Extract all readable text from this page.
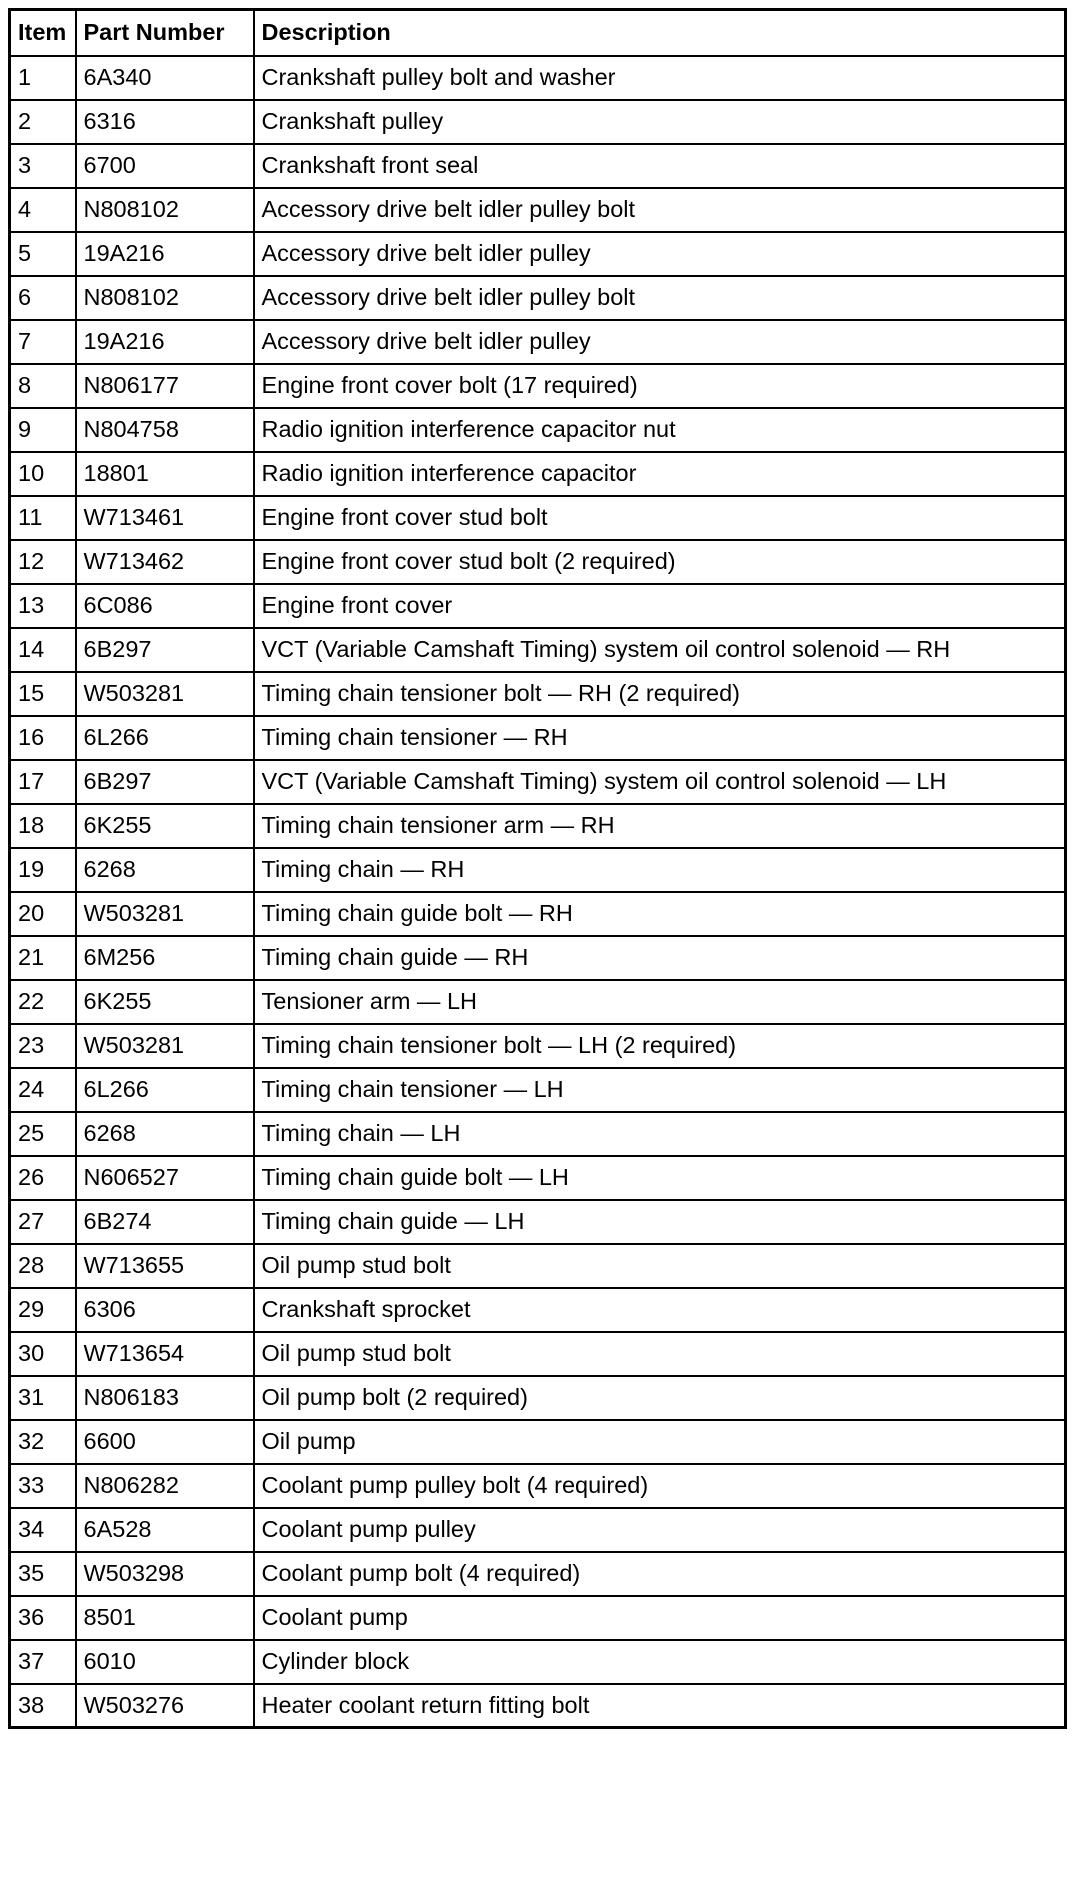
Item	Part Number	Description
1	6A340	Crankshaft pulley bolt and washer
2	6316	Crankshaft pulley
3	6700	Crankshaft front seal
4	N808102	Accessory drive belt idler pulley bolt
5	19A216	Accessory drive belt idler pulley
6	N808102	Accessory drive belt idler pulley bolt
7	19A216	Accessory drive belt idler pulley
8	N806177	Engine front cover bolt (17 required)
9	N804758	Radio ignition interference capacitor nut
10	18801	Radio ignition interference capacitor
11	W713461	Engine front cover stud bolt
12	W713462	Engine front cover stud bolt (2 required)
13	6C086	Engine front cover
14	6B297	VCT (Variable Camshaft Timing) system oil control solenoid — RH
15	W503281	Timing chain tensioner bolt — RH (2 required)
16	6L266	Timing chain tensioner — RH
17	6B297	VCT (Variable Camshaft Timing) system oil control solenoid — LH
18	6K255	Timing chain tensioner arm — RH
19	6268	Timing chain — RH
20	W503281	Timing chain guide bolt — RH
21	6M256	Timing chain guide — RH
22	6K255	Tensioner arm — LH
23	W503281	Timing chain tensioner bolt — LH (2 required)
24	6L266	Timing chain tensioner — LH
25	6268	Timing chain — LH
26	N606527	Timing chain guide bolt — LH
27	6B274	Timing chain guide — LH
28	W713655	Oil pump stud bolt
29	6306	Crankshaft sprocket
30	W713654	Oil pump stud bolt
31	N806183	Oil pump bolt (2 required)
32	6600	Oil pump
33	N806282	Coolant pump pulley bolt (4 required)
34	6A528	Coolant pump pulley
35	W503298	Coolant pump bolt (4 required)
36	8501	Coolant pump
37	6010	Cylinder block
38	W503276	Heater coolant return fitting bolt
